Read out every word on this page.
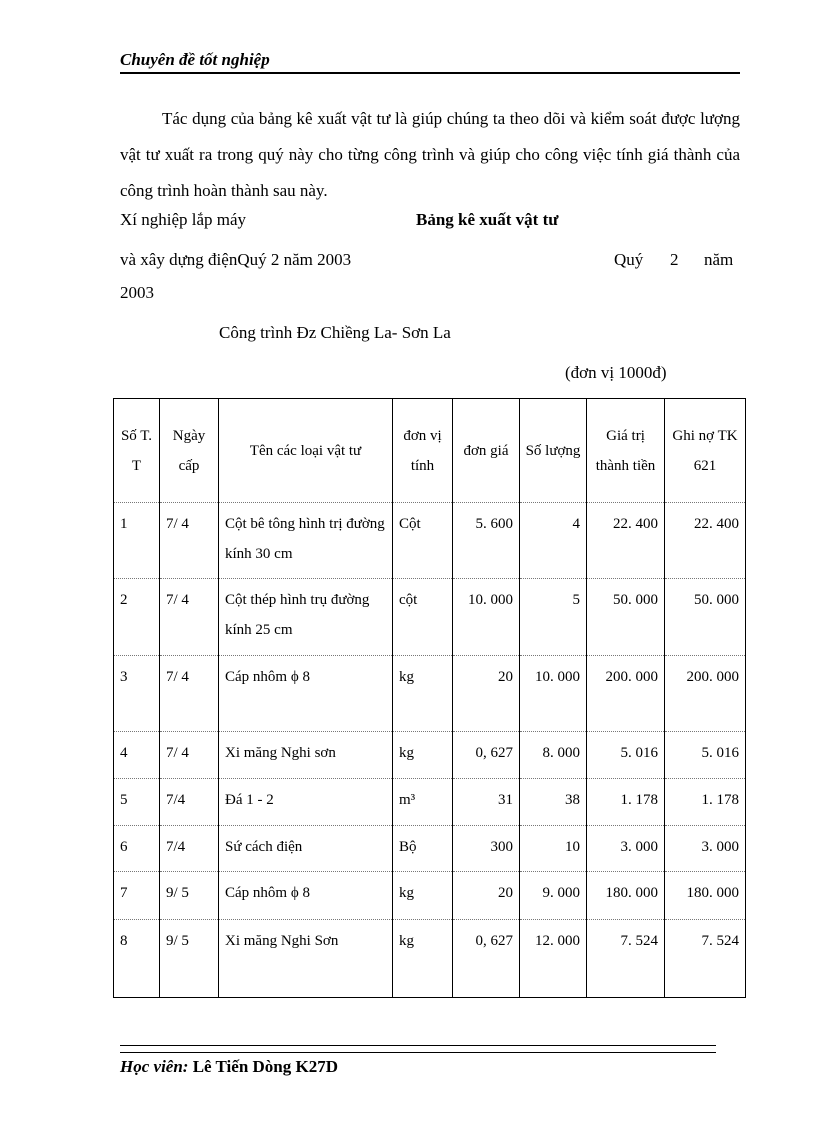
Chuyên đề tốt nghiệp

Tác dụng của bảng kê xuất vật tư là giúp chúng ta theo dõi và kiểm soát được lượng vật tư xuất ra trong quý này cho từng công trình và giúp cho công việc tính giá thành của công trình hoàn thành sau này.

Xí nghiệp lắp máy	Bảng kê xuất vật tư
và xây dựng điệnQuý 2 năm 2003	Quý 2 năm
2003
Công trình Đz Chiềng La- Sơn La
(đơn vị 1000đ)
Số T. T	Ngày cấp	Tên các loại vật tư	đơn vị tính	đơn giá	Số lượng	Giá trị thành tiền	Ghi nợ TK 621
1	7/ 4	Cột bê tông hình trị đường kính 30 cm	Cột	5. 600	4	22. 400	22. 400
2	7/ 4	Cột thép hình trụ đường kính 25 cm	cột	10. 000	5	50. 000	50. 000
3	7/ 4	Cáp nhôm ϕ 8	kg	20	10. 000	200. 000	200. 000
4	7/ 4	Xi măng Nghi sơn	kg	0, 627	8. 000	5. 016	5. 016
5	7/4	Đá 1 - 2	m³	31	38	1. 178	1. 178
6	7/4	Sứ cách điện	Bộ	300	10	3. 000	3. 000
7	9/ 5	Cáp nhôm ϕ 8	kg	20	9. 000	180. 000	180. 000
8	9/ 5	Xi măng Nghi Sơn	kg	0, 627	12. 000	7. 524	7. 524
Học viên: Lê Tiến Dòng K27D
